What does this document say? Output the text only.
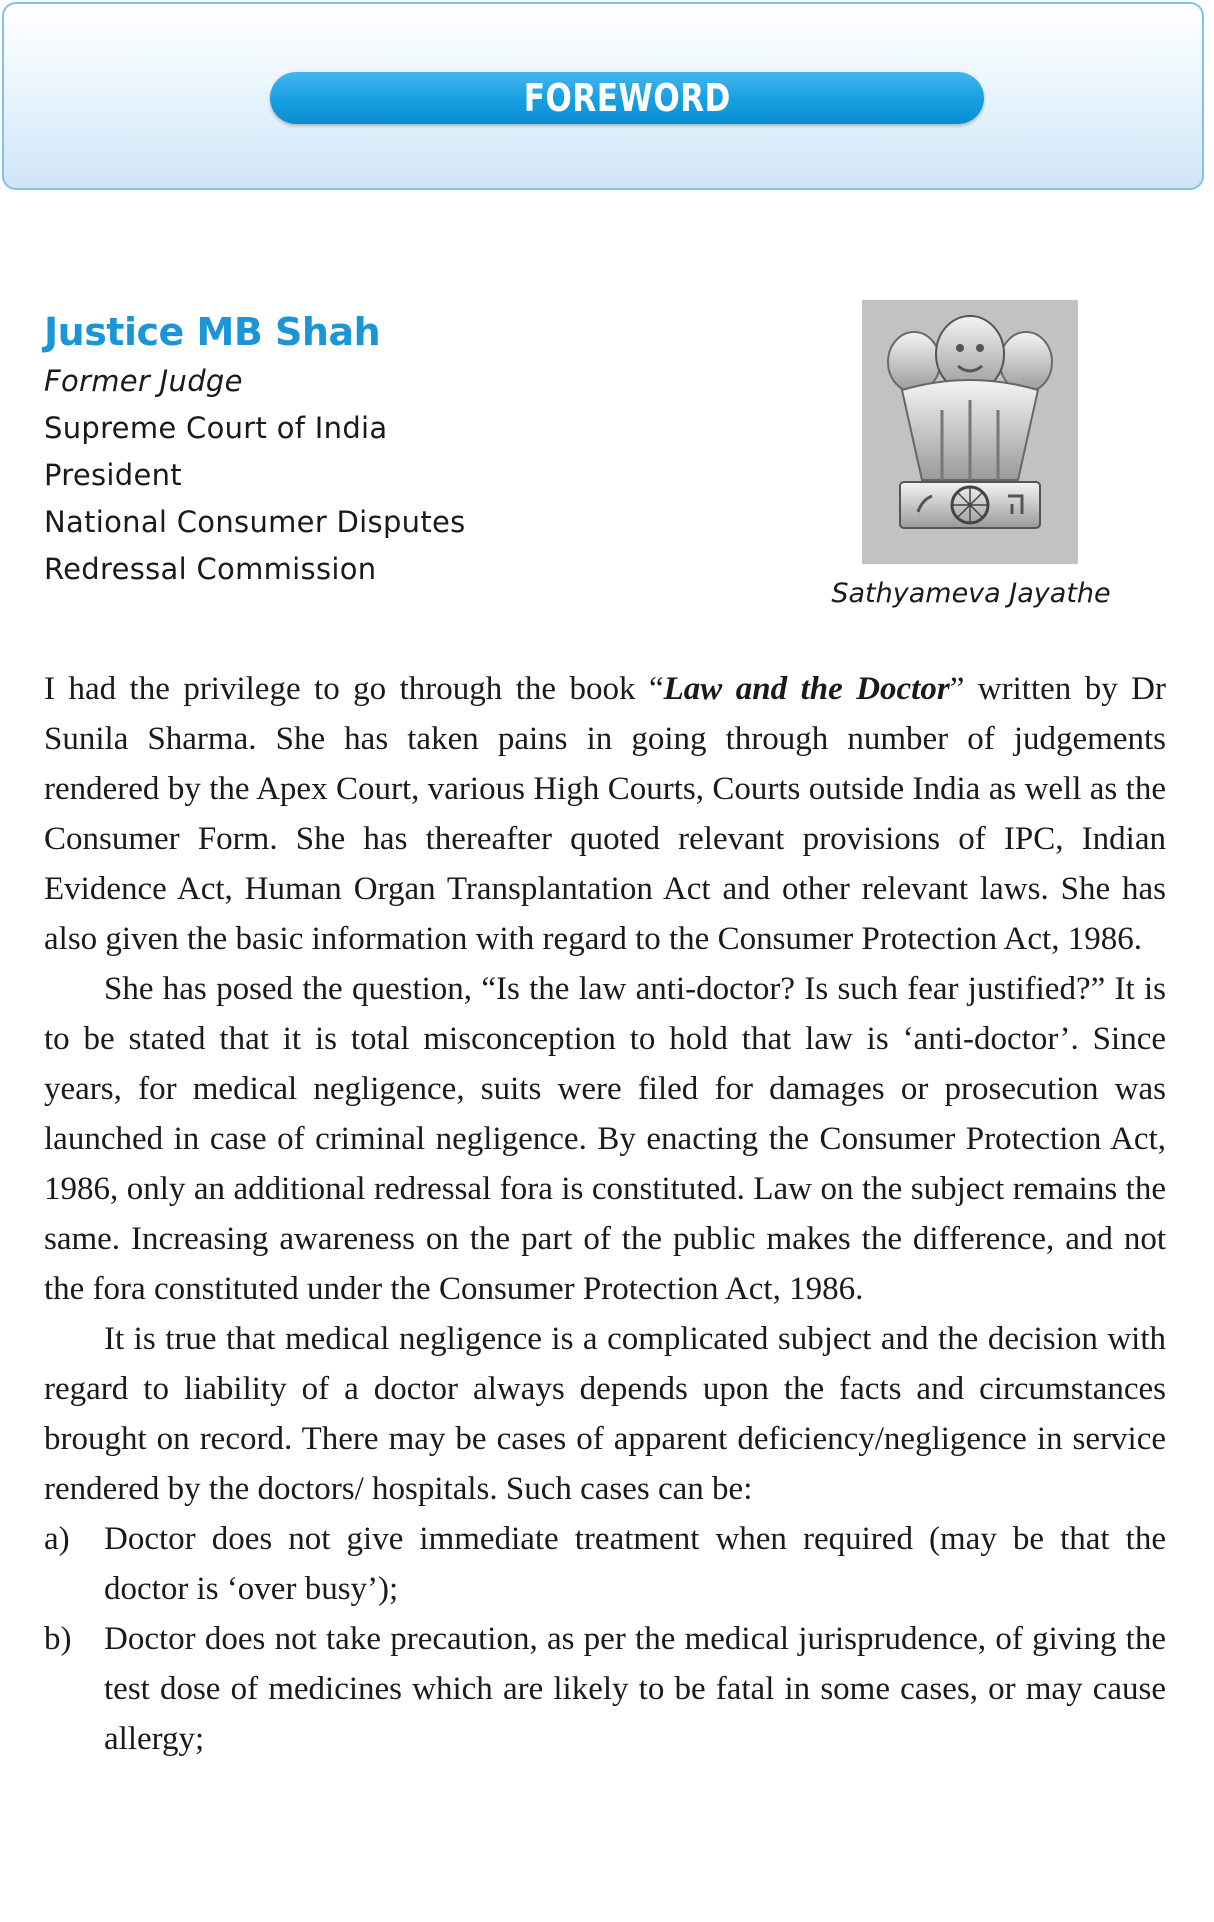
FOREWORD
Justice MB Shah
Former Judge
Supreme Court of India
President
National Consumer Disputes
Redressal Commission
Sathyameva Jayathe

I had the privilege to go through the book “Law and the Doctor” written by Dr Sunila Sharma. She has taken pains in going through number of judgements rendered by the Apex Court, various High Courts, Courts outside India as well as the Consumer Form. She has thereafter quoted relevant provisions of IPC, Indian Evidence Act, Human Organ Transplantation Act and other relevant laws. She has also given the basic information with regard to the Consumer Protection Act, 1986.

She has posed the question, “Is the law anti-doctor? Is such fear justified?” It is to be stated that it is total misconception to hold that law is ‘anti-doctor’. Since years, for medical negligence, suits were filed for damages or prosecution was launched in case of criminal negligence. By enacting the Consumer Protection Act, 1986, only an additional redressal fora is constituted. Law on the subject remains the same. Increasing awareness on the part of the public makes the difference, and not the fora constituted under the Consumer Protection Act, 1986.

It is true that medical negligence is a complicated subject and the decision with regard to liability of a doctor always depends upon the facts and circumstances brought on record. There may be cases of apparent deficiency/negligence in service rendered by the doctors/ hospitals. Such cases can be:

a)	Doctor does not give immediate treatment when required (may be that the doctor is ‘over busy’);
b) Doctor does not take precaution, as per the medical jurisprudence, of giving the test dose of medicines which are likely to be fatal in some cases, or may cause allergy;
